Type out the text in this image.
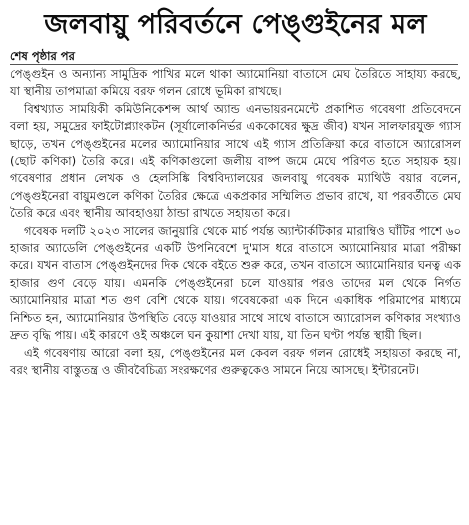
জলবায়ু পরিবর্তনে পেঙ্গুইনের মল
শেষ পৃষ্ঠার পর

পেঙ্গুইন ও অন্যান্য সামুদ্রিক পাখির মলে থাকা অ্যামোনিয়া বাতাসে মেঘ তৈরিতে সাহায্য করছে, যা স্থানীয় তাপমাত্রা কমিয়ে বরফ গলন রোধে ভূমিকা রাখছে।

বিশ্বখ্যাত সাময়িকী কমিউনিকেশন্স আর্থ অ্যান্ড এনভায়রনমেন্টে প্রকাশিত গবেষণা প্রতিবেদনে বলা হয়, সমুদ্রের ফাইটোপ্ল্যাংকটন (সূর্যালোকনির্ভর এককোষের ক্ষুদ্র জীব) যখন সালফারযুক্ত গ্যাস ছাড়ে, তখন পেঙ্গুইনের মলের অ্যামোনিয়ার সাথে এই গ্যাস প্রতিক্রিয়া করে বাতাসে অ্যারোসল (ছোট কণিকা) তৈরি করে। এই কণিকাগুলো জলীয় বাষ্প জমে মেঘে পরিণত হতে সহায়ক হয়। গবেষণার প্রধান লেখক ও হেলসিঙ্কি বিশ্ববিদ্যালয়ের জলবায়ু গবেষক ম্যাথিউ বয়ার বলেন, পেঙ্গুইনেরা বায়ুমণ্ডলে কণিকা তৈরির ক্ষেত্রে একপ্রকার সম্মিলিত প্রভাব রাখে, যা পরবর্তীতে মেঘ তৈরি করে এবং স্থানীয় আবহাওয়া ঠান্ডা রাখতে সহায়তা করে।

গবেষক দলটি ২০২৩ সালের জানুয়ারি থেকে মার্চ পর্যন্ত অ্যান্টার্কটিকার মারাম্বিও ঘাঁটির পাশে ৬০ হাজার অ্যাডেলি পেঙ্গুইনের একটি উপনিবেশে দু'মাস ধরে বাতাসে অ্যামোনিয়ার মাত্রা পরীক্ষা করে। যখন বাতাস পেঙ্গুইনদের দিক থেকে বইতে শুরু করে, তখন বাতাসে অ্যামোনিয়ার ঘনত্ব এক হাজার গুণ বেড়ে যায়। এমনকি পেঙ্গুইনেরা চলে যাওয়ার পরও তাদের মল থেকে নির্গত অ্যামোনিয়ার মাত্রা শত গুণ বেশি থেকে যায়। গবেষকেরা এক দিনে একাধিক পরিমাপের মাধ্যমে নিশ্চিত হন, অ্যামোনিয়ার উপস্থিতি বেড়ে যাওয়ার সাথে সাথে বাতাসে অ্যারোসল কণিকার সংখ্যাও দ্রুত বৃদ্ধি পায়। এই কারণে ওই অঞ্চলে ঘন কুয়াশা দেখা যায়, যা তিন ঘণ্টা পর্যন্ত স্থায়ী ছিল।

এই গবেষণায় আরো বলা হয়, পেঙ্গুইনের মল কেবল বরফ গলন রোধেই সহায়তা করছে না, বরং স্থানীয় বাস্তুতন্ত্র ও জীববৈচিত্র্য সংরক্ষণের গুরুত্বকেও সামনে নিয়ে আসছে। ইন্টারনেট।
